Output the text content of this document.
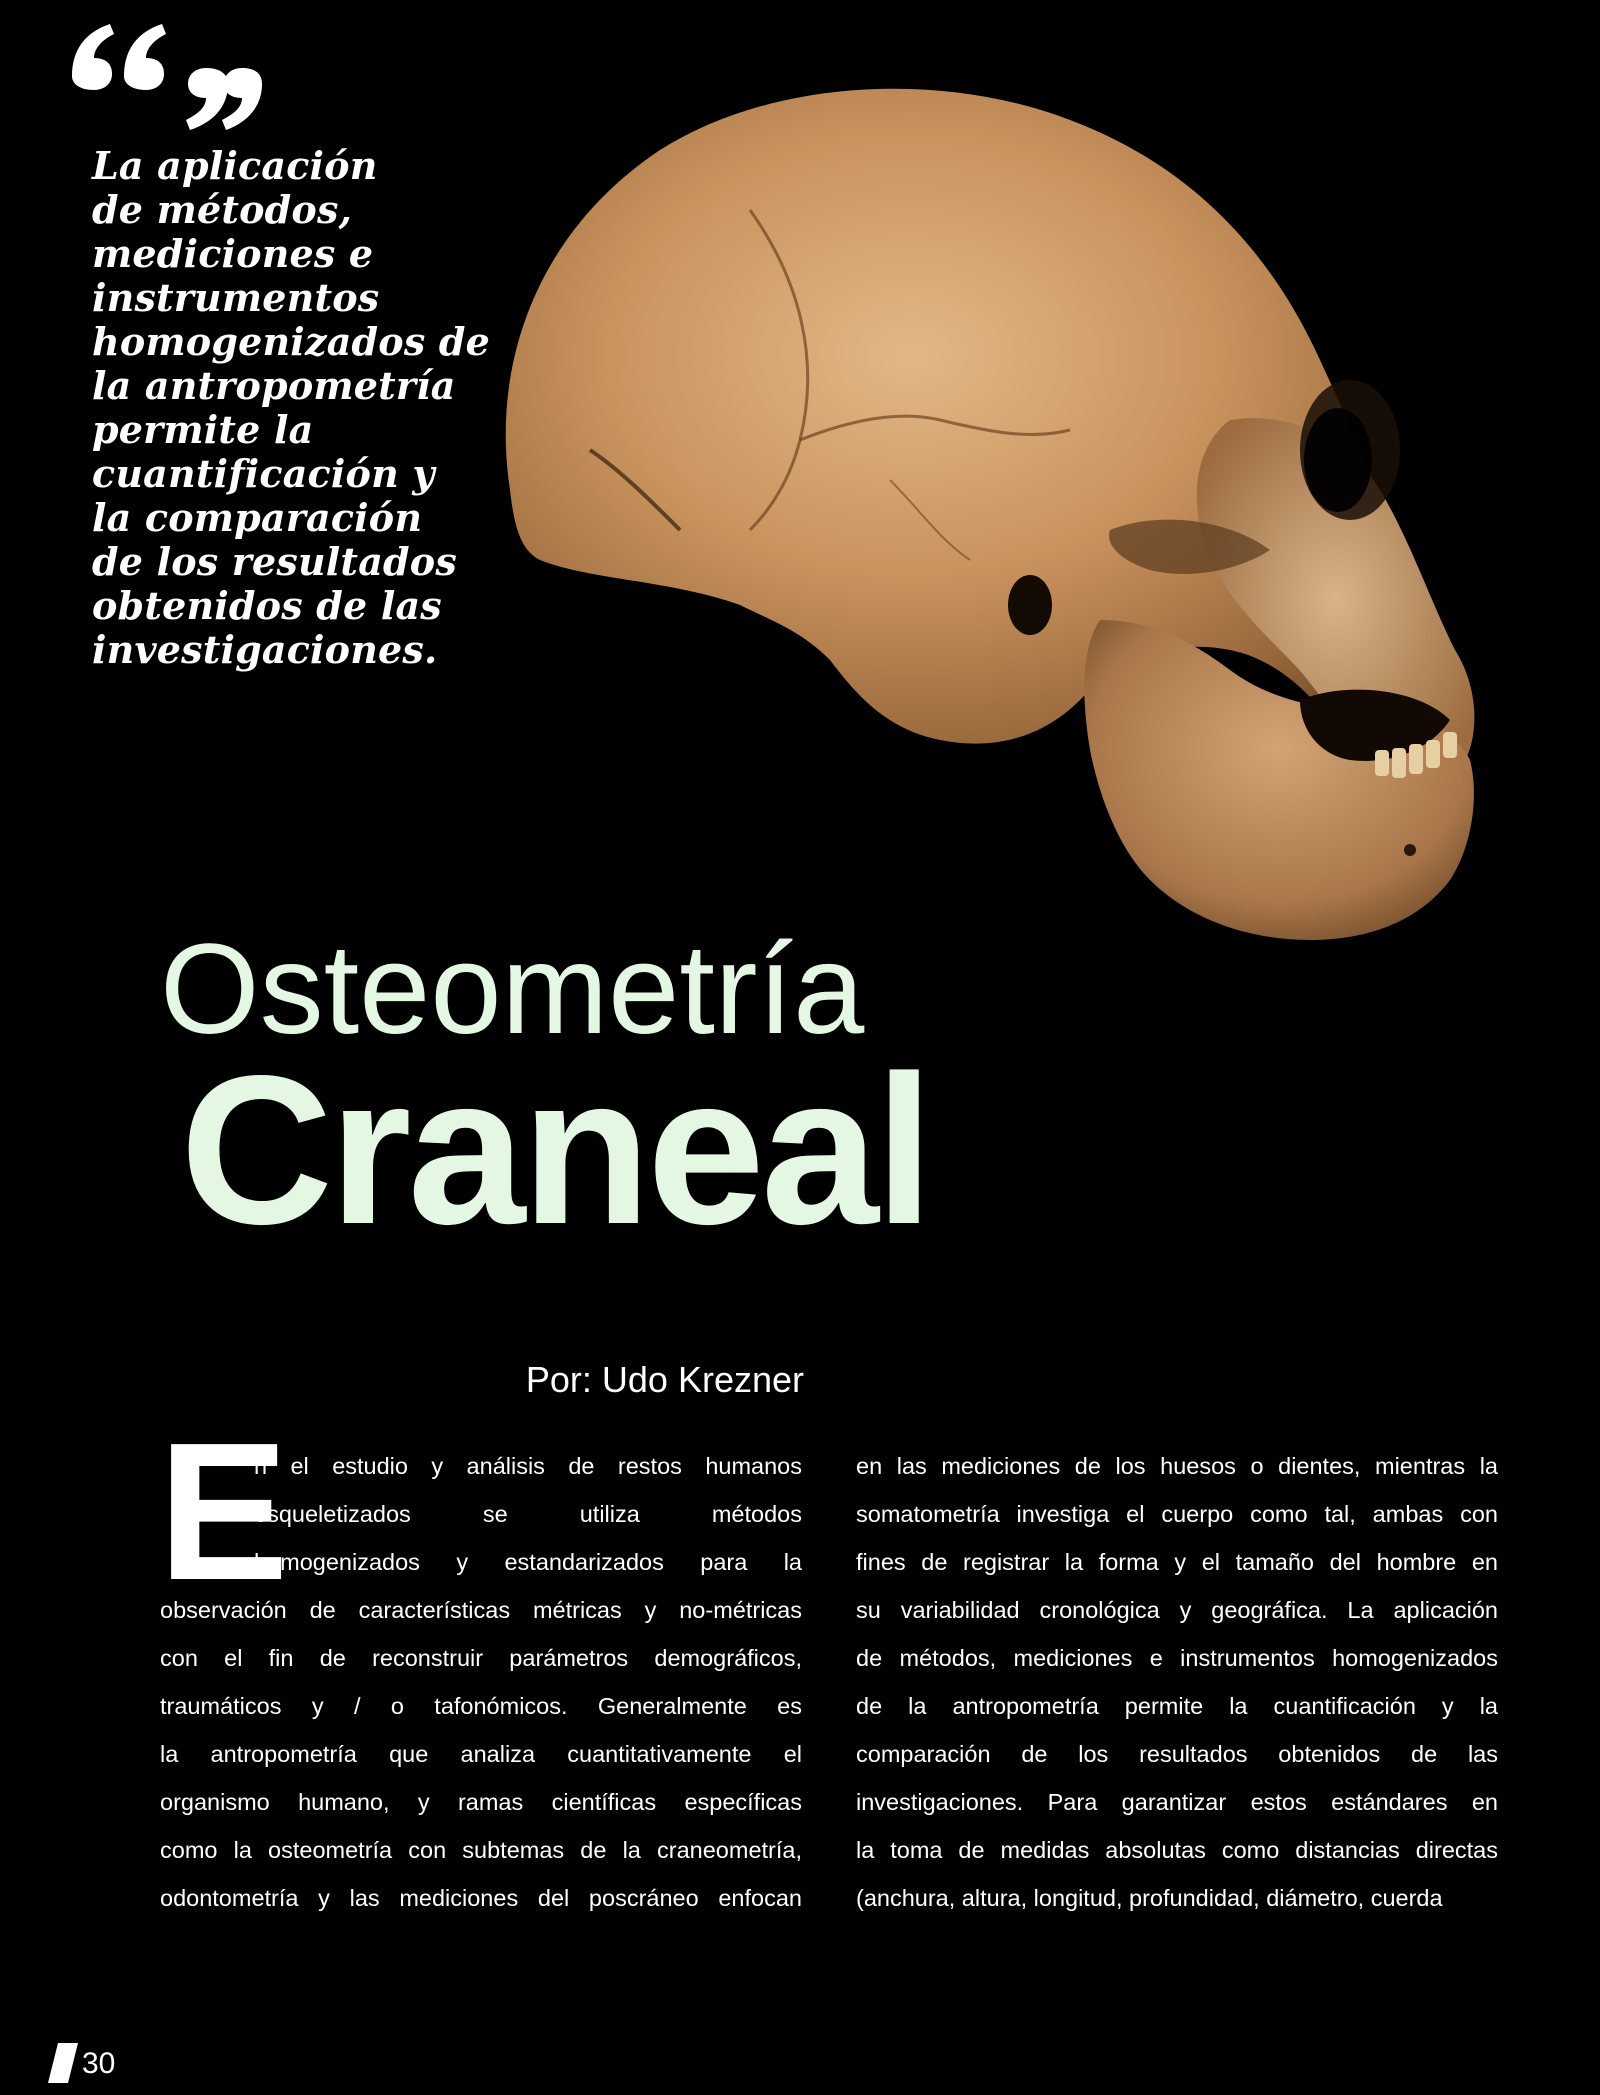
La aplicación
de métodos,
mediciones e
instrumentos
homogenizados de
la antropometría
permite la
cuantificación y
la comparación
de los resultados
obtenidos de las
investigaciones.
Osteometría
Craneal
Por: Udo Krezner
E
n el estudio y análisis de restos humanos
esqueletizados se utiliza métodos
homogenizados y estandarizados para la
observación de características métricas y no-métricas
con el fin de reconstruir parámetros demográficos,
traumáticos y / o tafonómicos. Generalmente es
la antropometría que analiza cuantitativamente el
organismo humano, y ramas científicas específicas
como la osteometría con subtemas de la craneometría,
odontometría y las mediciones del poscráneo enfocan
en las mediciones de los huesos o dientes, mientras la
somatometría investiga el cuerpo como tal, ambas con
fines de registrar la forma y el tamaño del hombre en
su variabilidad cronológica y geográfica. La aplicación
de métodos, mediciones e instrumentos homogenizados
de la antropometría permite la cuantificación y la
comparación de los resultados obtenidos de las
investigaciones. Para garantizar estos estándares en
la toma de medidas absolutas como distancias directas
(anchura, altura, longitud, profundidad, diámetro, cuerda
30
